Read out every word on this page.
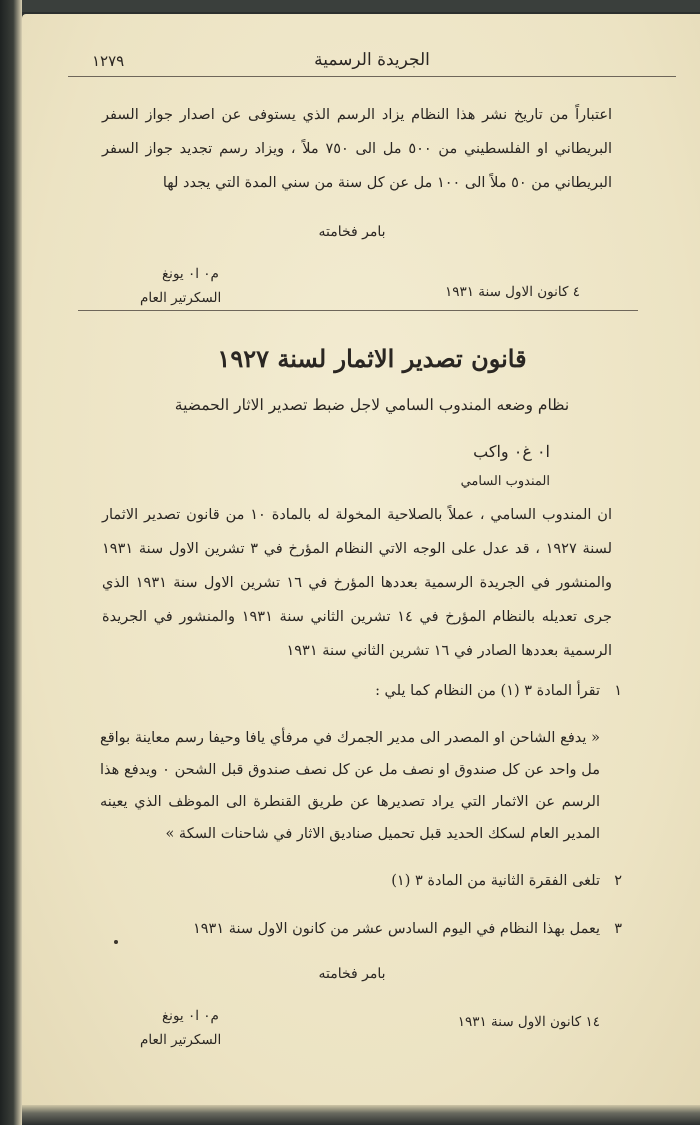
الجريدة الرسمية
١٢٧٩
اعتباراً من تاريخ نشر هذا النظام يزاد الرسم الذي يستوفى عن اصدار جواز السفر البريطاني او الفلسطيني من ٥٠٠ مل الى ٧٥٠ ملاً ، ويزاد رسم تجديد جواز السفر البريطاني من ٥٠ ملاً الى ١٠٠ مل عن كل سنة من سني المدة التي يجدد لها
بامر فخامته
م٠ ا٠ يونغ
السكرتير العام	٤ كانون الاول سنة ١٩٣١
قانون تصدير الاثمار لسنة ١٩٢٧
نظام وضعه المندوب السامي لاجل ضبط تصدير الاثار الحمضية
ا٠ غ٠ واكب
المندوب السامي
ان المندوب السامي ، عملاً بالصلاحية المخولة له بالمادة ١٠ من قانون تصدير الاثمار لسنة ١٩٢٧ ، قد عدل على الوجه الاتي النظام المؤرخ في ٣ تشرين الاول سنة ١٩٣١ والمنشور في الجريدة الرسمية بعددها المؤرخ في ١٦ تشرين الاول سنة ١٩٣١ الذي جرى تعديله بالنظام المؤرخ في ١٤ تشرين الثاني سنة ١٩٣١ والمنشور في الجريدة الرسمية بعددها الصادر في ١٦ تشرين الثاني سنة ١٩٣١
١
تقرأ المادة ٣ (١) من النظام كما يلي :
« يدفع الشاحن او المصدر الى مدير الجمرك في مرفأي يافا وحيفا رسم معاينة بواقع مل واحد عن كل صندوق او نصف مل عن كل نصف صندوق قبل الشحن ٠ ويدفع هذا الرسم عن الاثمار التي يراد تصديرها عن طريق القنطرة الى الموظف الذي يعينه المدير العام لسكك الحديد قبل تحميل صناديق الاثار في شاحنات السكة »
٢
تلغى الفقرة الثانية من المادة ٣ (١)
٣
يعمل بهذا النظام في اليوم السادس عشر من كانون الاول سنة ١٩٣١
بامر فخامته
م٠ ا٠ يونغ
السكرتير العام
١٤ كانون الاول سنة ١٩٣١
